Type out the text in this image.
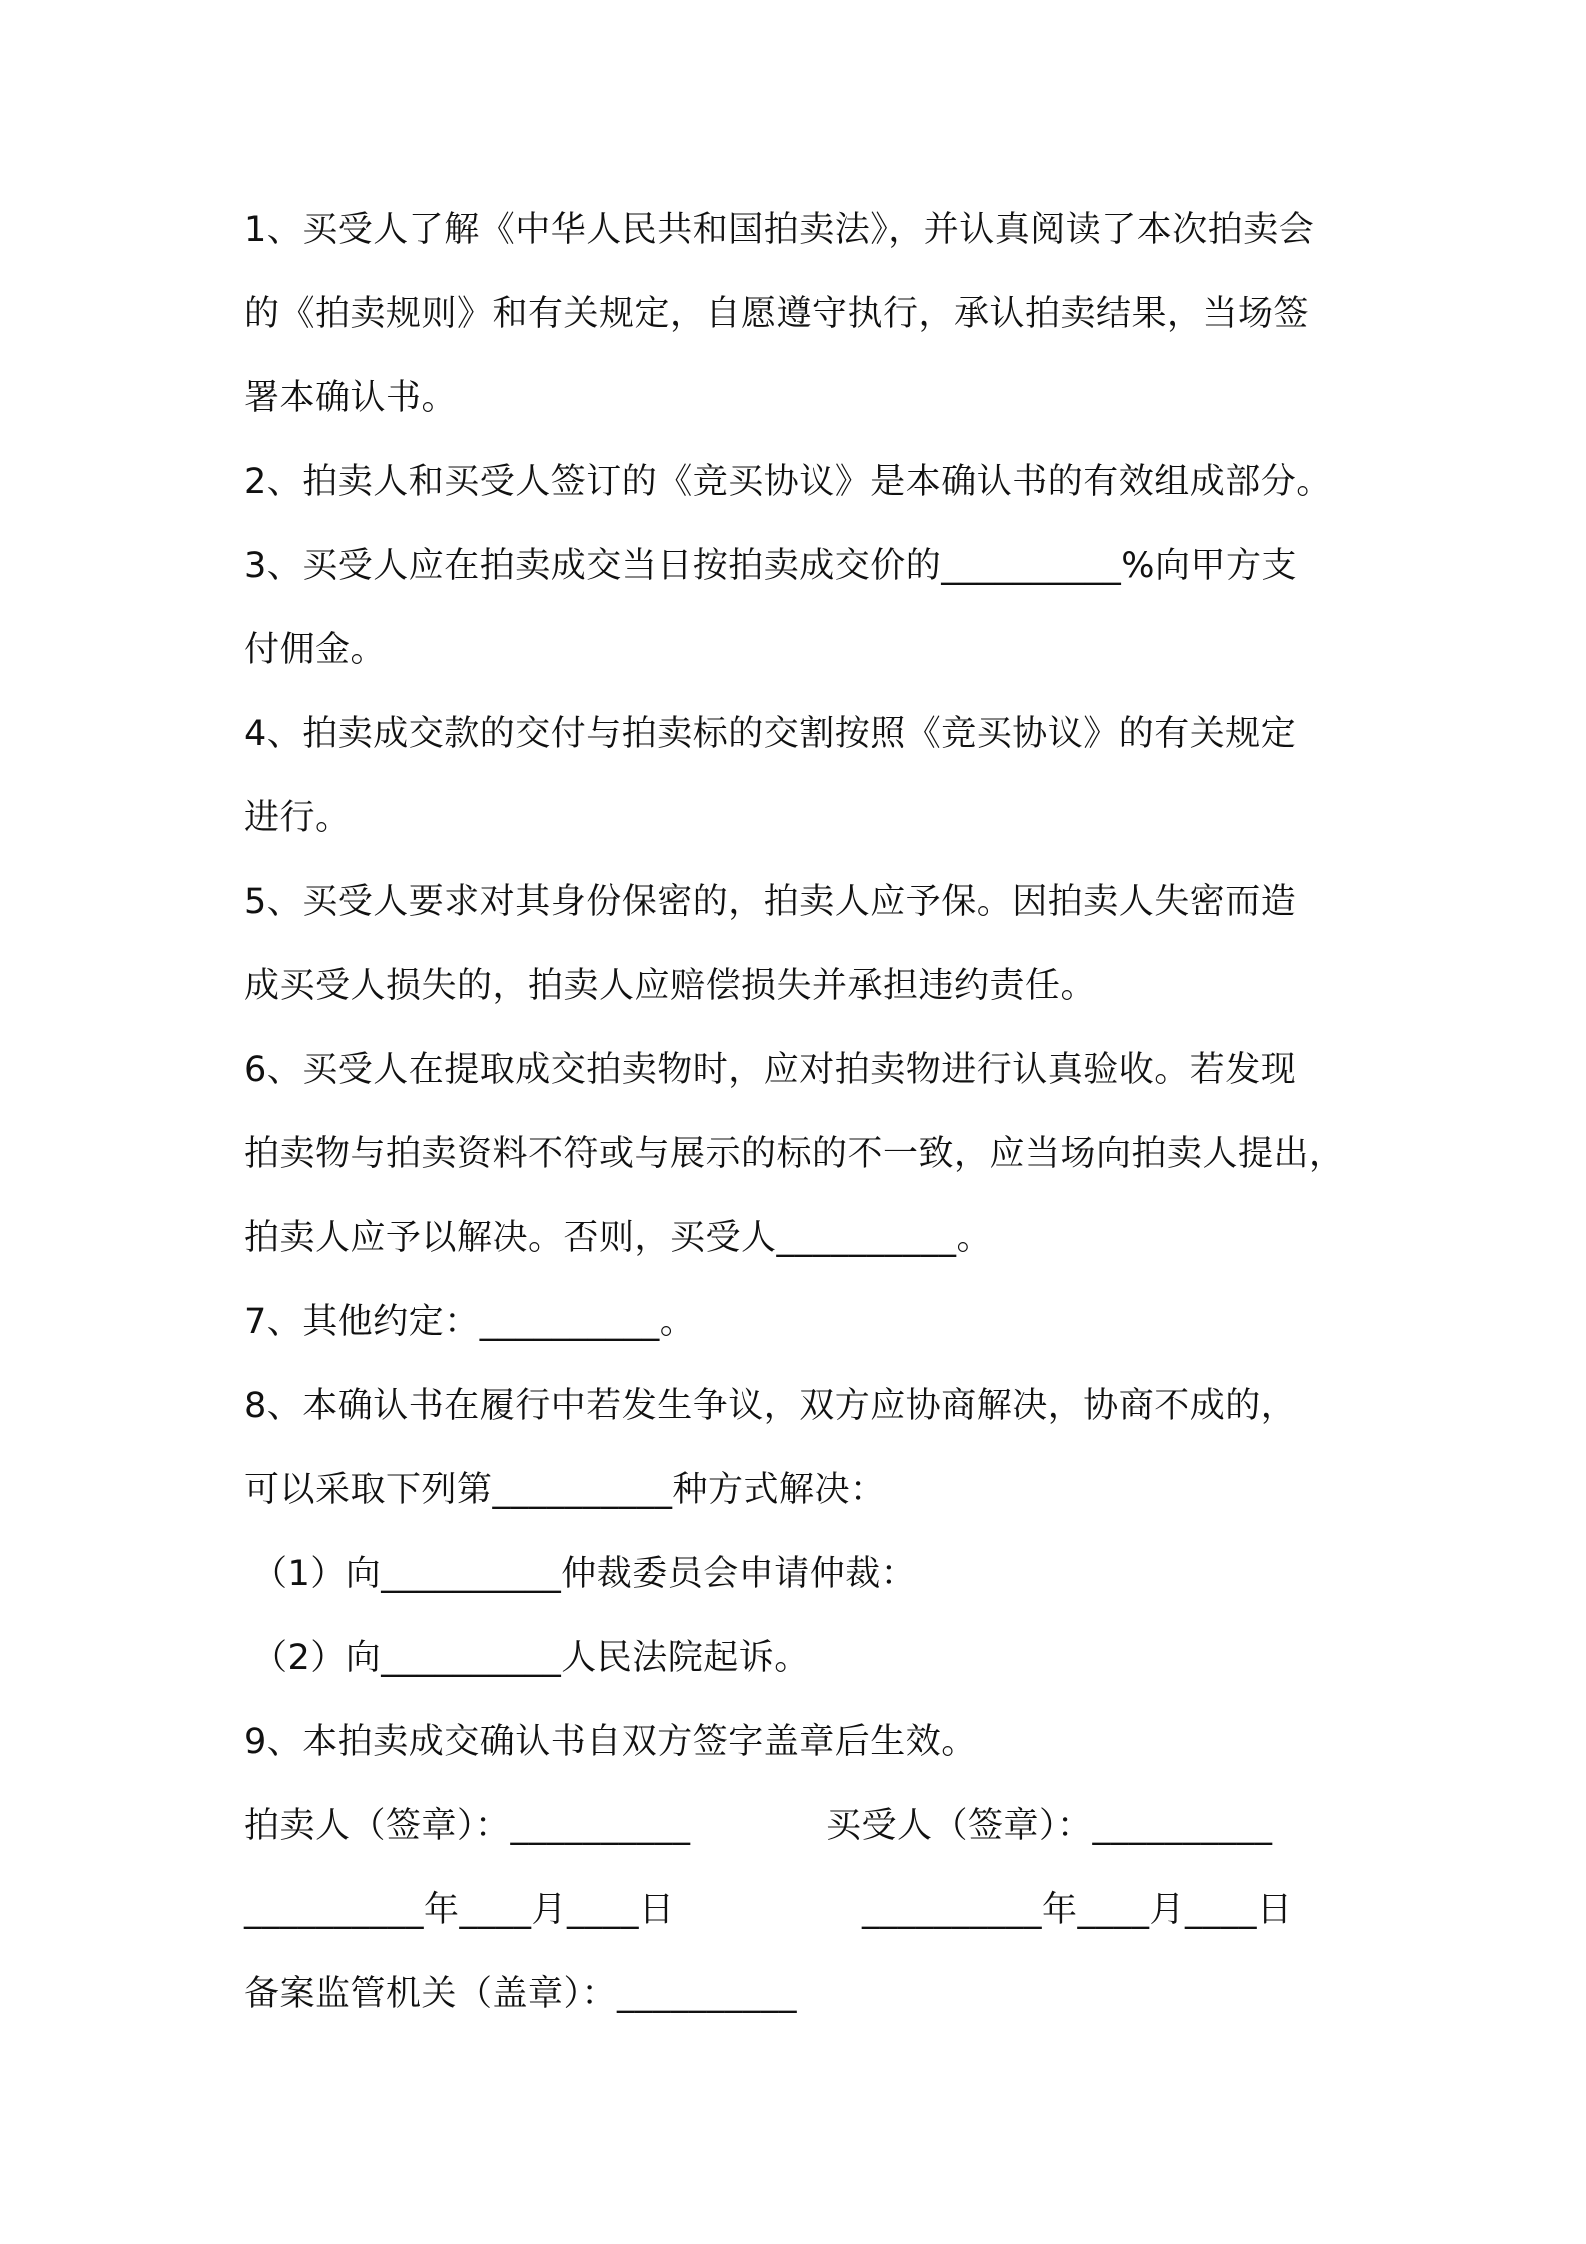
1、买受人了解《中华人民共和国拍卖法》，并认真阅读了本次拍卖会
的《拍卖规则》和有关规定，自愿遵守执行，承认拍卖结果，当场签
署本确认书。
2、拍卖人和买受人签订的《竞买协议》是本确认书的有效组成部分。
3、买受人应在拍卖成交当日按拍卖成交价的__________%向甲方支
付佣金。
4、拍卖成交款的交付与拍卖标的交割按照《竞买协议》的有关规定
进行。
5、买受人要求对其身份保密的，拍卖人应予保。因拍卖人失密而造
成买受人损失的，拍卖人应赔偿损失并承担违约责任。
6、买受人在提取成交拍卖物时，应对拍卖物进行认真验收。若发现
拍卖物与拍卖资料不符或与展示的标的不一致，应当场向拍卖人提出，
拍卖人应予以解决。否则，买受人__________。
7、其他约定：__________。
8、本确认书在履行中若发生争议，双方应协商解决，协商不成的，
可以采取下列第__________种方式解决：
（1）向__________仲裁委员会申请仲裁：
（2）向__________人民法院起诉。
9、本拍卖成交确认书自双方签字盖章后生效。
拍卖人（签章）：__________	买受人（签章）：__________
__________年____月____日	__________年____月____日
备案监管机关（盖章）：__________
